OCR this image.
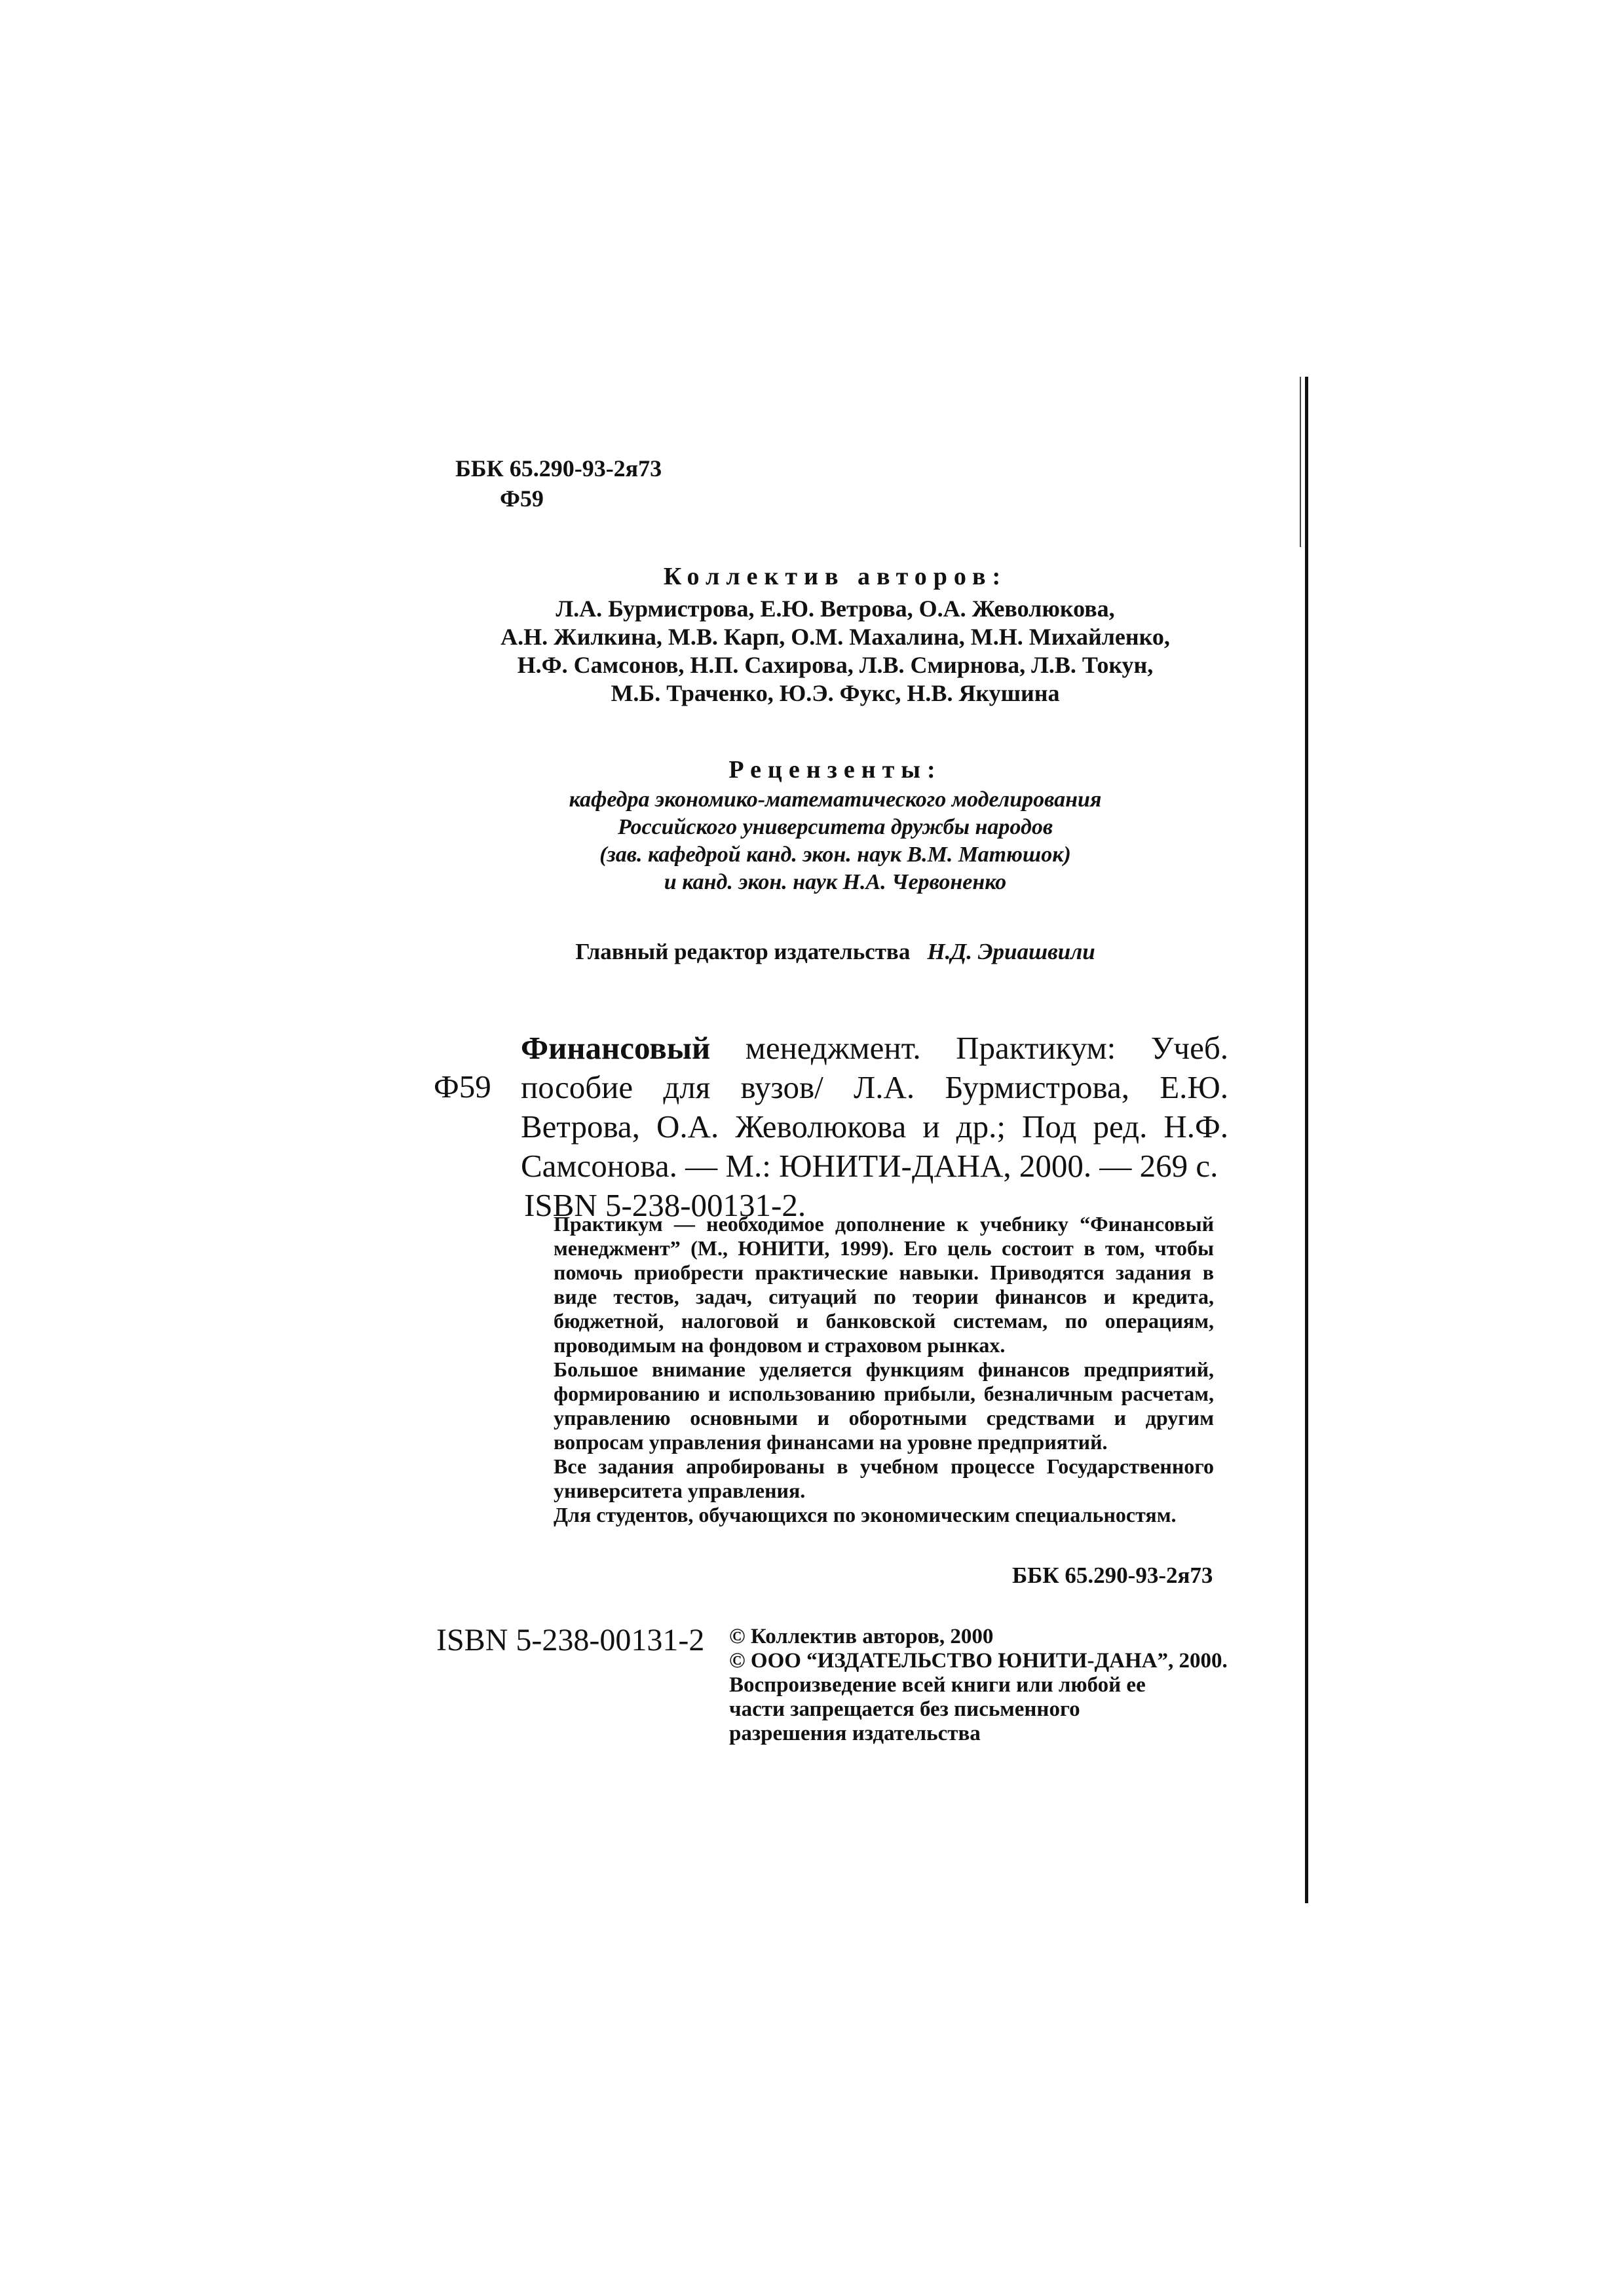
ББК 65.290-93-2я73
Ф59
Коллектив авторов:
Л.А. Бурмистрова, Е.Ю. Ветрова, О.А. Жеволюкова,
А.Н. Жилкина, М.В. Карп, О.М. Махалина, М.Н. Михайленко,
Н.Ф. Самсонов, Н.П. Сахирова, Л.В. Смирнова, Л.В. Токун,
М.Б. Траченко, Ю.Э. Фукс, Н.В. Якушина
Рецензенты:
кафедра экономико-математического моделирования
Российского университета дружбы народов
(зав. кафедрой канд. экон. наук В.М. Матюшок)
и канд. экон. наук Н.А. Червоненко
Главный редактор издательства Н.Д. Эриашвили
Ф59
Финансовый менеджмент. Практикум: Учеб. пособие для вузов/ Л.А. Бурмистрова, Е.Ю. Ветрова, О.А. Жеволюкова и др.; Под ред. Н.Ф. Самсонова. — М.: ЮНИТИ-ДАНА, 2000. — 269 с.
ISBN 5-238-00131-2.

Практикум — необходимое дополнение к учебнику “Финансовый менеджмент” (М., ЮНИТИ, 1999). Его цель состоит в том, чтобы помочь приобрести практические навыки. Приводятся задания в виде тестов, задач, ситуаций по теории финансов и кредита, бюджетной, налоговой и банковской системам, по операциям, проводимым на фондовом и страховом рынках.

Большое внимание уделяется функциям финансов предприятий, формированию и использованию прибыли, безналичным расчетам, управлению основными и оборотными средствами и другим вопросам управления финансами на уровне предприятий.

Все задания апробированы в учебном процессе Государственного университета управления.

Для студентов, обучающихся по экономическим специальностям.

ББК 65.290-93-2я73
ISBN 5-238-00131-2 © Коллектив авторов, 2000
© ООО “ИЗДАТЕЛЬСТВО ЮНИТИ-ДАНА”, 2000.
Воспроизведение всей книги или любой ее
части запрещается без письменного
разрешения издательства
